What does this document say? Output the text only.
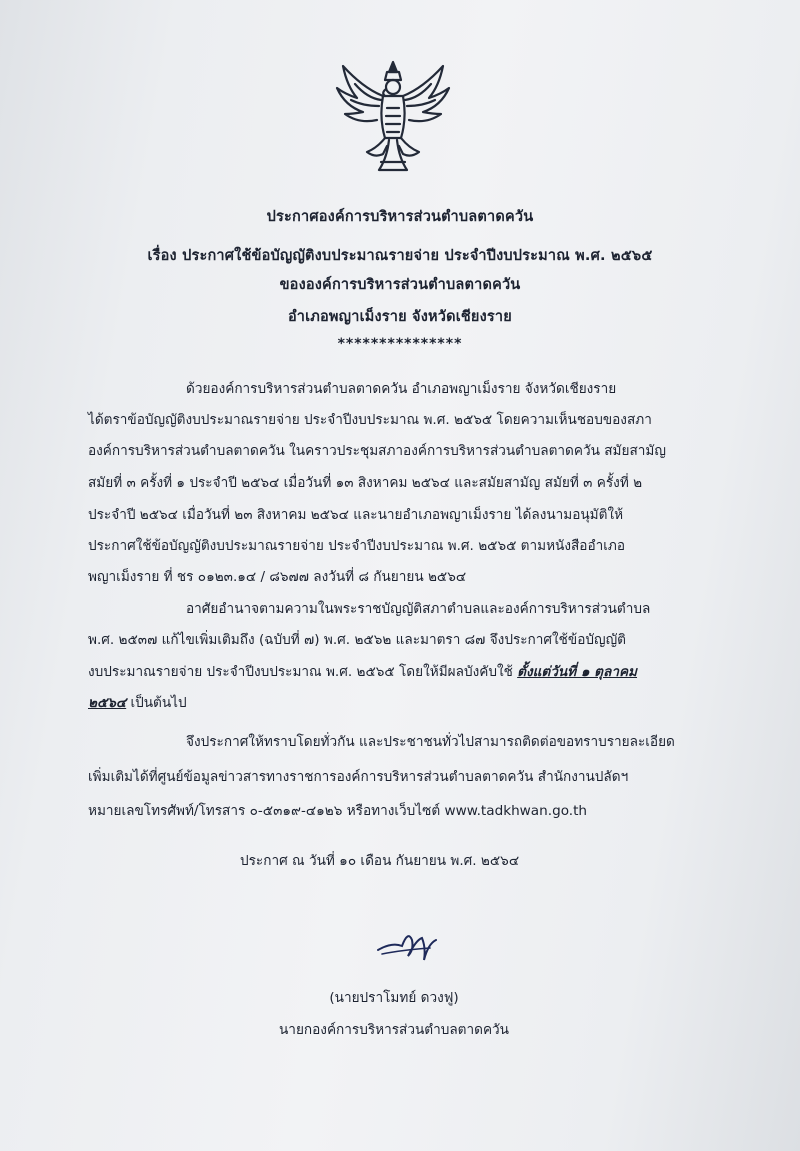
ประกาศองค์การบริหารส่วนตำบลตาดควัน
เรื่อง ประกาศใช้ข้อบัญญัติงบประมาณรายจ่าย ประจำปีงบประมาณ พ.ศ. ๒๕๖๕
ขององค์การบริหารส่วนตำบลตาดควัน
อำเภอพญาเม็งราย จังหวัดเชียงราย
***************
ด้วยองค์การบริหารส่วนตำบลตาดควัน อำเภอพญาเม็งราย จังหวัดเชียงราย
ได้ตราข้อบัญญัติงบประมาณรายจ่าย ประจำปีงบประมาณ พ.ศ. ๒๕๖๕ โดยความเห็นชอบของสภา
องค์การบริหารส่วนตำบลตาดควัน ในคราวประชุมสภาองค์การบริหารส่วนตำบลตาดควัน สมัยสามัญ
สมัยที่ ๓ ครั้งที่ ๑ ประจำปี ๒๕๖๔ เมื่อวันที่ ๑๓ สิงหาคม ๒๕๖๔ และสมัยสามัญ สมัยที่ ๓ ครั้งที่ ๒
ประจำปี ๒๕๖๔ เมื่อวันที่ ๒๓ สิงหาคม ๒๕๖๔ และนายอำเภอพญาเม็งราย ได้ลงนามอนุมัติให้
ประกาศใช้ข้อบัญญัติงบประมาณรายจ่าย ประจำปีงบประมาณ พ.ศ. ๒๕๖๕ ตามหนังสืออำเภอ
พญาเม็งราย ที่ ชร ๐๑๒๓.๑๔ / ๘๖๗๗ ลงวันที่ ๘ กันยายน ๒๕๖๔
อาศัยอำนาจตามความในพระราชบัญญัติสภาตำบลและองค์การบริหารส่วนตำบล
พ.ศ. ๒๕๓๗ แก้ไขเพิ่มเติมถึง (ฉบับที่ ๗) พ.ศ. ๒๕๖๒ และมาตรา ๘๗ จึงประกาศใช้ข้อบัญญัติ
งบประมาณรายจ่าย ประจำปีงบประมาณ พ.ศ. ๒๕๖๕ โดยให้มีผลบังคับใช้ ตั้งแต่วันที่ ๑ ตุลาคม
๒๕๖๔ เป็นต้นไป
จึงประกาศให้ทราบโดยทั่วกัน และประชาชนทั่วไปสามารถติดต่อขอทราบรายละเอียด
เพิ่มเติมได้ที่ศูนย์ข้อมูลข่าวสารทางราชการองค์การบริหารส่วนตำบลตาดควัน สำนักงานปลัดฯ
หมายเลขโทรศัพท์/โทรสาร ๐-๕๓๑๙-๔๑๒๖ หรือทางเว็บไซต์ www.tadkhwan.go.th
ประกาศ ณ วันที่ ๑๐ เดือน กันยายน พ.ศ. ๒๕๖๔
(นายปราโมทย์ ดวงฟู)
นายกองค์การบริหารส่วนตำบลตาดควัน
